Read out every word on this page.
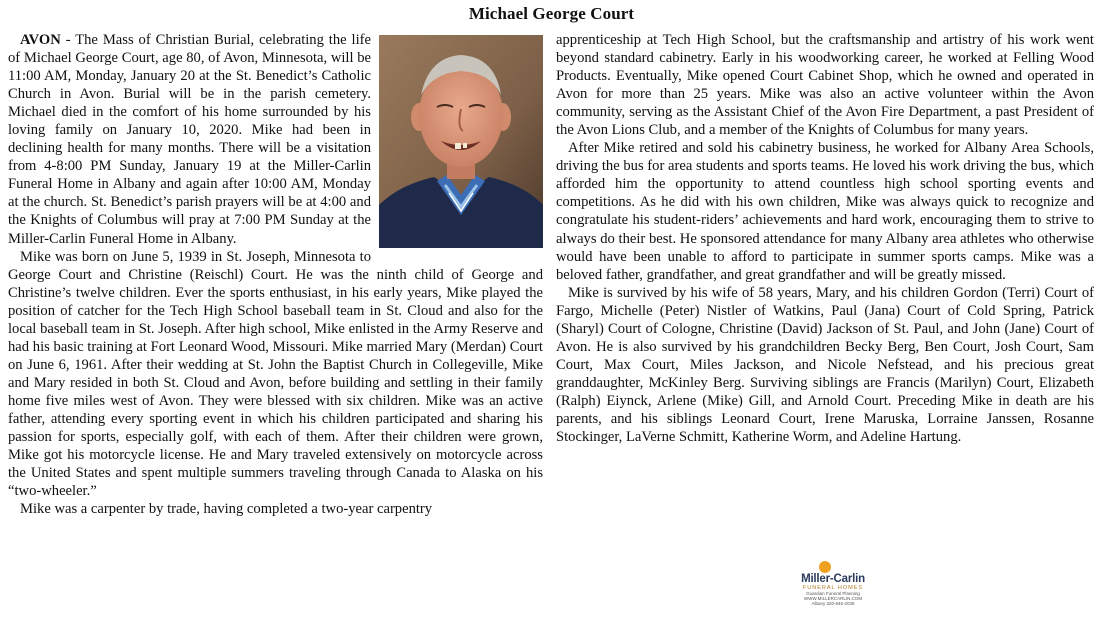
Michael George Court

AVON - The Mass of Christian Burial, celebrating the life of Michael George Court, age 80, of Avon, Minnesota, will be 11:00 AM, Monday, January 20 at the St. Benedict’s Catholic Church in Avon. Burial will be in the parish cemetery. Michael died in the comfort of his home surrounded by his loving family on January 10, 2020. Mike had been in declining health for many months. There will be a visitation from 4-8:00 PM Sunday, January 19 at the Miller-Carlin Funeral Home in Albany and again after 10:00 AM, Monday at the church. St. Benedict’s parish prayers will be at 4:00 and the Knights of Columbus will pray at 7:00 PM Sunday at the Miller-Carlin Funeral Home in Albany.

Mike was born on June 5, 1939 in St. Joseph, Minnesota to George Court and Christine (Reischl) Court. He was the ninth child of George and Christine’s twelve children. Ever the sports enthusiast, in his early years, Mike played the position of catcher for the Tech High School baseball team in St. Cloud and also for the local baseball team in St. Joseph. After high school, Mike enlisted in the Army Reserve and had his basic training at Fort Leonard Wood, Missouri. Mike married Mary (Merdan) Court on June 6, 1961. After their wedding at St. John the Baptist Church in Collegeville, Mike and Mary resided in both St. Cloud and Avon, before building and settling in their family home five miles west of Avon. They were blessed with six children. Mike was an active father, attending every sporting event in which his children participated and sharing his passion for sports, especially golf, with each of them. After their children were grown, Mike got his motorcycle license. He and Mary traveled extensively on motorcycle across the United States and spent multiple summers traveling through Canada to Alaska on his “two-wheeler.”

Mike was a carpenter by trade, having completed a two-year carpentry

apprenticeship at Tech High School, but the craftsmanship and artistry of his work went beyond standard cabinetry. Early in his woodworking career, he worked at Felling Wood Products. Eventually, Mike opened Court Cabinet Shop, which he owned and operated in Avon for more than 25 years. Mike was also an active volunteer within the Avon community, serving as the Assistant Chief of the Avon Fire Department, a past President of the Avon Lions Club, and a member of the Knights of Columbus for many years.

After Mike retired and sold his cabinetry business, he worked for Albany Area Schools, driving the bus for area students and sports teams. He loved his work driving the bus, which afforded him the opportunity to attend countless high school sporting events and competitions. As he did with his own children, Mike was always quick to recognize and congratulate his student-riders’ achievements and hard work, encouraging them to strive to always do their best. He sponsored attendance for many Albany area athletes who otherwise would have been unable to afford to participate in summer sports camps. Mike was a beloved father, grandfather, and great grandfather and will be greatly missed.

Mike is survived by his wife of 58 years, Mary, and his children Gordon (Terri) Court of Fargo, Michelle (Peter) Nistler of Watkins, Paul (Jana) Court of Cold Spring, Patrick (Sharyl) Court of Cologne, Christine (David) Jackson of St. Paul, and John (Jane) Court of Avon. He is also survived by his grandchildren Becky Berg, Ben Court, Josh Court, Sam Court, Max Court, Miles Jackson, and Nicole Nefstead, and his precious great granddaughter, McKinley Berg. Surviving siblings are Francis (Marilyn) Court, Elizabeth (Ralph) Eiynck, Arlene (Mike) Gill, and Arnold Court. Preceding Mike in death are his parents, and his siblings Leonard Court, Irene Maruska, Lorraine Janssen, Rosanne Stockinger, LaVerne Schmitt, Katherine Worm, and Adeline Hartung.

Miller-Carlin
FUNERAL HOMES
Guardian Funeral Planning
WWW.MILLERCARLIN.COM
Albany 320-845-2035
